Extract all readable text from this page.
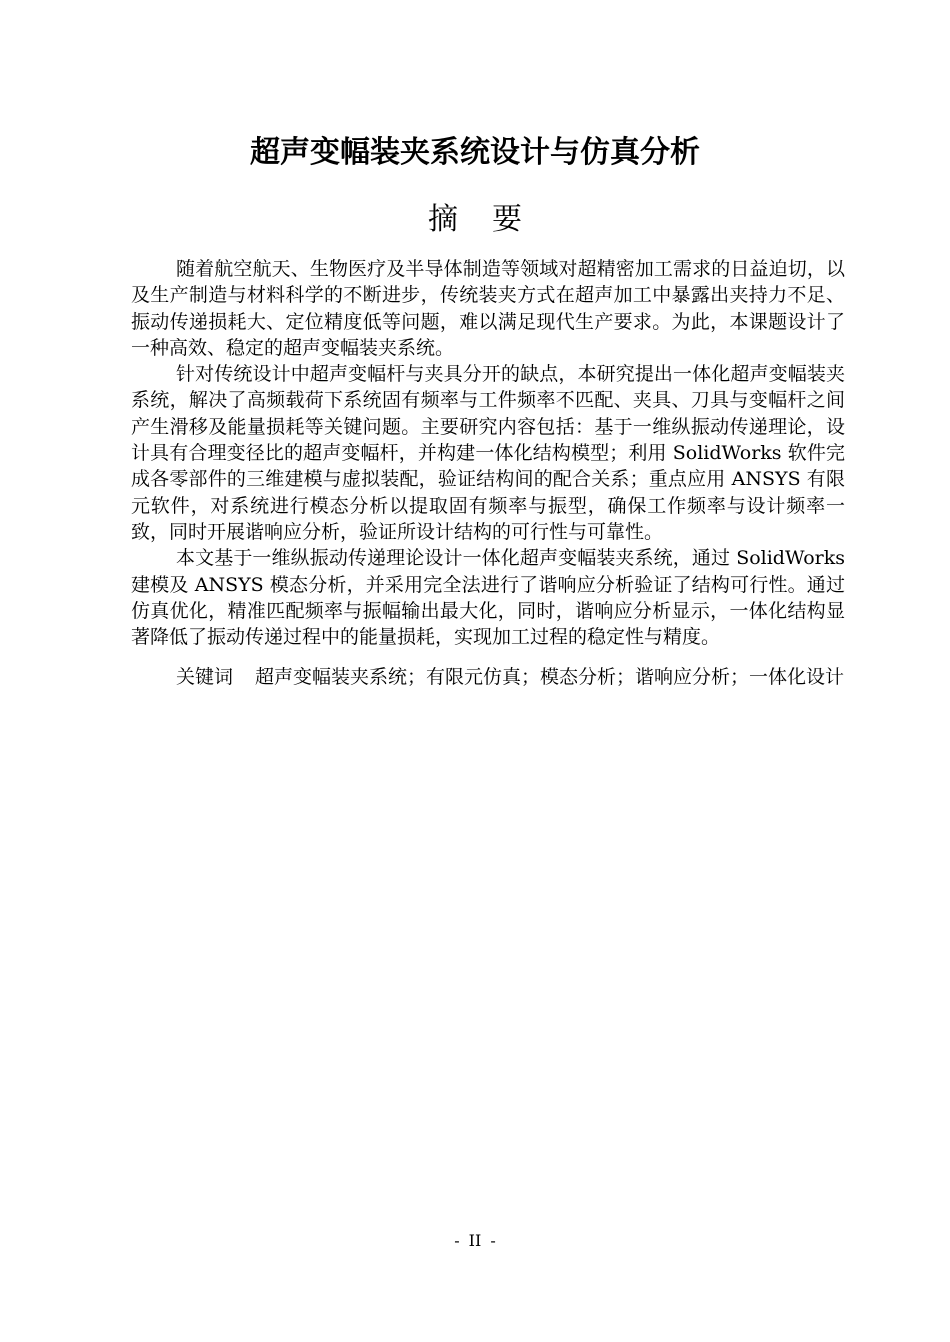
超声变幅装夹系统设计与仿真分析
摘要

随着航空航天、生物医疗及半导体制造等领域对超精密加工需求的日益迫切，以及生产制造与材料科学的不断进步，传统装夹方式在超声加工中暴露出夹持力不足、振动传递损耗大、定位精度低等问题，难以满足现代生产要求。为此，本课题设计了一种高效、稳定的超声变幅装夹系统。

针对传统设计中超声变幅杆与夹具分开的缺点，本研究提出一体化超声变幅装夹系统，解决了高频载荷下系统固有频率与工件频率不匹配、夹具、刀具与变幅杆之间产生滑移及能量损耗等关键问题。主要研究内容包括：基于一维纵振动传递理论，设计具有合理变径比的超声变幅杆，并构建一体化结构模型；利用 SolidWorks 软件完成各零部件的三维建模与虚拟装配，验证结构间的配合关系；重点应用 ANSYS 有限元软件，对系统进行模态分析以提取固有频率与振型，确保工作频率与设计频率一致，同时开展谐响应分析，验证所设计结构的可行性与可靠性。

本文基于一维纵振动传递理论设计一体化超声变幅装夹系统，通过 SolidWorks 建模及 ANSYS 模态分析，并采用完全法进行了谐响应分析验证了结构可行性。通过仿真优化，精准匹配频率与振幅输出最大化，同时，谐响应分析显示，一体化结构显著降低了振动传递过程中的能量损耗，实现加工过程的稳定性与精度。

关键词 超声变幅装夹系统；有限元仿真；模态分析；谐响应分析；一体化设计

- II -
